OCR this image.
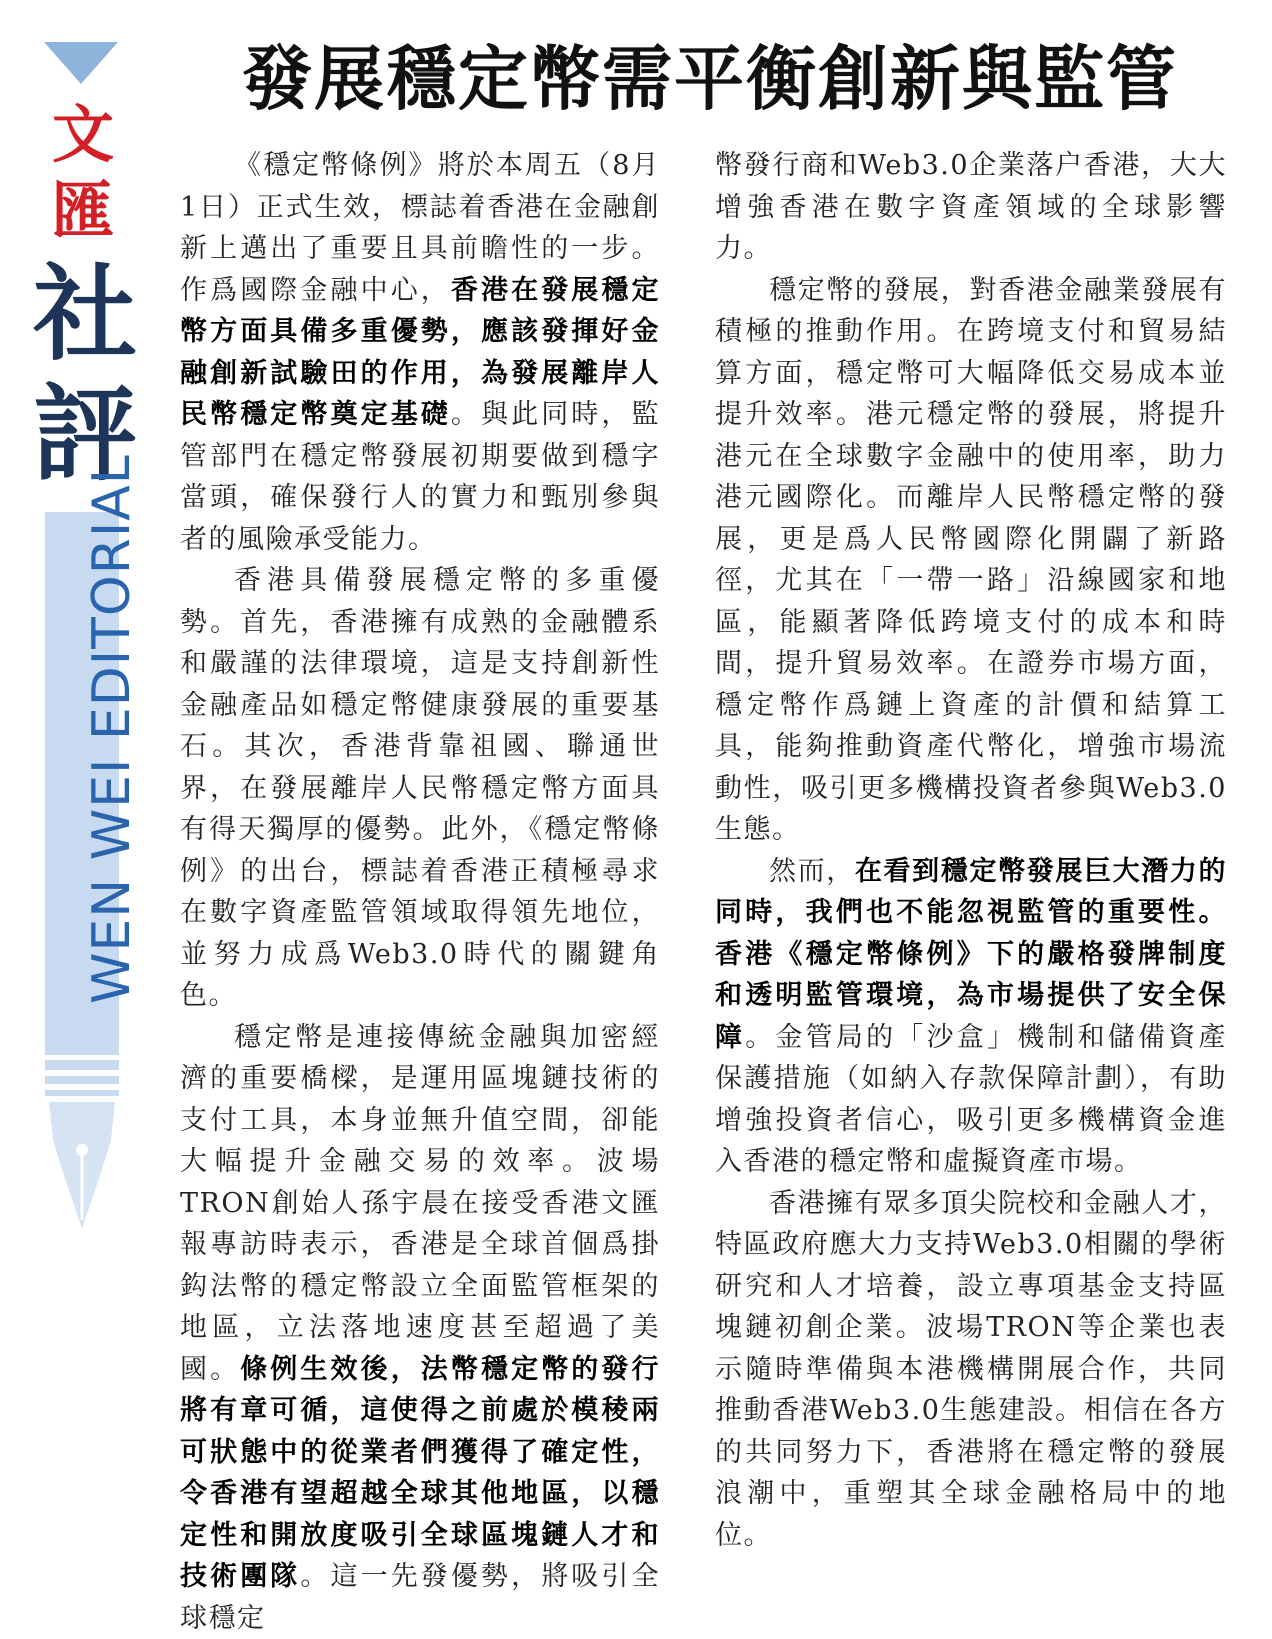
文
匯
社
評
WEN WEI EDITORIAL
發展穩定幣需平衡創新與監管

《穩定幣條例》將於本周五（8月1日）正式生效，標誌着香港在金融創新上邁出了重要且具前瞻性的一步。作爲國際金融中心，香港在發展穩定幣方面具備多重優勢，應該發揮好金融創新試驗田的作用，為發展離岸人民幣穩定幣奠定基礎。與此同時，監管部門在穩定幣發展初期要做到穩字當頭，確保發行人的實力和甄別參與者的風險承受能力。

香港具備發展穩定幣的多重優勢。首先，香港擁有成熟的金融體系和嚴謹的法律環境，這是支持創新性金融產品如穩定幣健康發展的重要基石。其次，香港背靠祖國、聯通世界，在發展離岸人民幣穩定幣方面具有得天獨厚的優勢。此外，《穩定幣條例》的出台，標誌着香港正積極尋求在數字資產監管領域取得領先地位，並努力成爲Web3.0時代的關鍵角色。

穩定幣是連接傳統金融與加密經濟的重要橋樑，是運用區塊鏈技術的支付工具，本身並無升值空間，卻能大幅提升金融交易的效率。波場TRON創始人孫宇晨在接受香港文匯報專訪時表示，香港是全球首個爲掛鈎法幣的穩定幣設立全面監管框架的地區，立法落地速度甚至超過了美國。條例生效後，法幣穩定幣的發行將有章可循，這使得之前處於模稜兩可狀態中的從業者們獲得了確定性，令香港有望超越全球其他地區，以穩定性和開放度吸引全球區塊鏈人才和技術團隊。這一先發優勢，將吸引全球穩定

幣發行商和Web3.0企業落户香港，大大增強香港在數字資產領域的全球影響力。

穩定幣的發展，對香港金融業發展有積極的推動作用。在跨境支付和貿易結算方面，穩定幣可大幅降低交易成本並提升效率。港元穩定幣的發展，將提升港元在全球數字金融中的使用率，助力港元國際化。而離岸人民幣穩定幣的發展，更是爲人民幣國際化開闢了新路徑，尤其在「一帶一路」沿線國家和地區，能顯著降低跨境支付的成本和時間，提升貿易效率。在證券市場方面，穩定幣作爲鏈上資產的計價和結算工具，能夠推動資產代幣化，增強市場流動性，吸引更多機構投資者參與Web3.0生態。

然而，在看到穩定幣發展巨大潛力的同時，我們也不能忽視監管的重要性。香港《穩定幣條例》下的嚴格發牌制度和透明監管環境，為市場提供了安全保障。金管局的「沙盒」機制和儲備資產保護措施（如納入存款保障計劃），有助增強投資者信心，吸引更多機構資金進入香港的穩定幣和虛擬資產市場。

香港擁有眾多頂尖院校和金融人才，特區政府應大力支持Web3.0相關的學術研究和人才培養，設立專項基金支持區塊鏈初創企業。波場TRON等企業也表示隨時準備與本港機構開展合作，共同推動香港Web3.0生態建設。相信在各方的共同努力下，香港將在穩定幣的發展浪潮中，重塑其全球金融格局中的地位。
